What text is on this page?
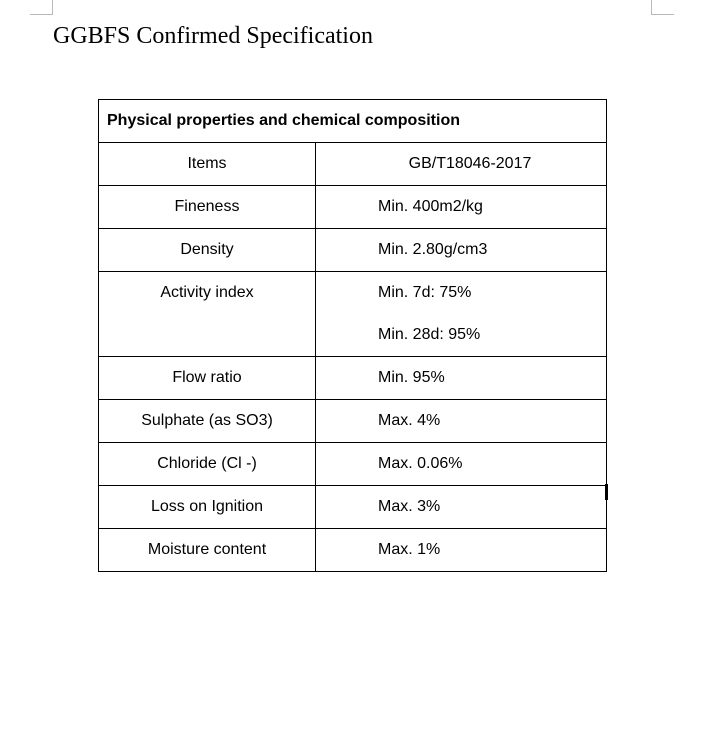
GGBFS Confirmed Specification
Physical properties and chemical composition	
Items	GB/T18046-2017
Fineness	Min. 400m2/kg
Density	Min. 2.80g/cm3

Activity index	Min. 7d: 75%
Min. 28d: 95%

Flow ratio	Min. 95%
Sulphate (as SO3)	Max. 4%
Chloride (Cl -)	Max. 0.06%
Loss on Ignition	Max. 3%
Moisture content	Max. 1%
